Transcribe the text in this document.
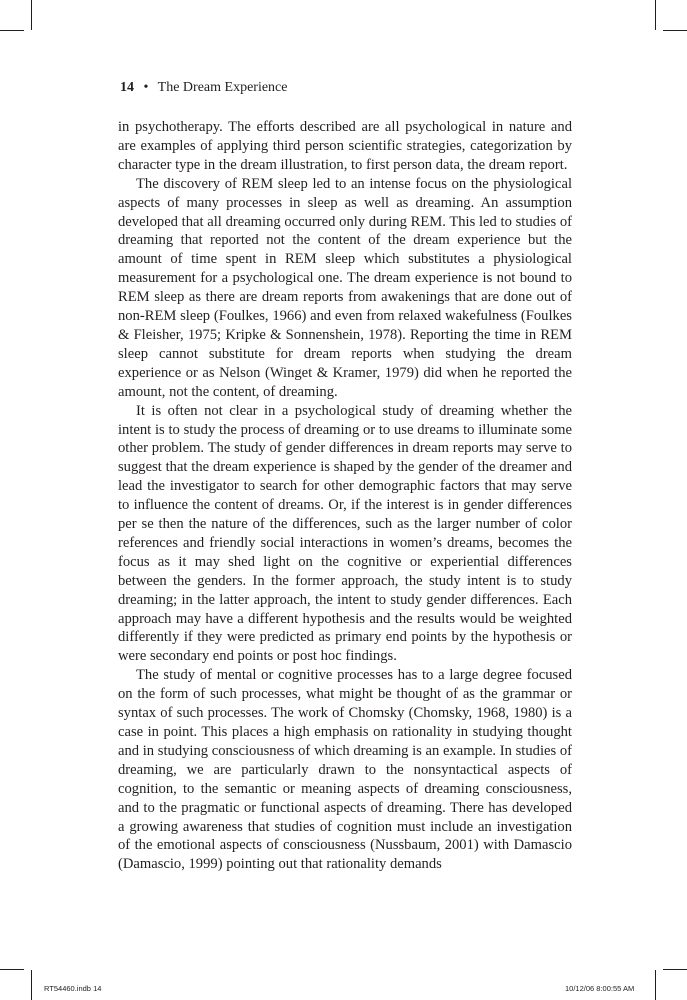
14 • The Dream Experience

in psychotherapy. The efforts described are all psychological in nature and are examples of applying third person scientific strategies, categorization by character type in the dream illustration, to first person data, the dream report.

The discovery of REM sleep led to an intense focus on the physiological aspects of many processes in sleep as well as dreaming. An assumption developed that all dreaming occurred only during REM. This led to studies of dreaming that reported not the content of the dream experience but the amount of time spent in REM sleep which substitutes a physiological measurement for a psychological one. The dream experience is not bound to REM sleep as there are dream reports from awakenings that are done out of non-REM sleep (Foulkes, 1966) and even from relaxed wakefulness (Foulkes & Fleisher, 1975; Kripke & Sonnenshein, 1978). Reporting the time in REM sleep cannot substitute for dream reports when studying the dream experience or as Nelson (Winget & Kramer, 1979) did when he reported the amount, not the content, of dreaming.

It is often not clear in a psychological study of dreaming whether the intent is to study the process of dreaming or to use dreams to illuminate some other problem. The study of gender differences in dream reports may serve to suggest that the dream experience is shaped by the gender of the dreamer and lead the investigator to search for other demographic factors that may serve to influence the content of dreams. Or, if the interest is in gender differences per se then the nature of the differences, such as the larger number of color references and friendly social interactions in women’s dreams, becomes the focus as it may shed light on the cognitive or experiential differences between the genders. In the former approach, the study intent is to study dreaming; in the latter approach, the intent to study gender differences. Each approach may have a different hypothesis and the results would be weighted differently if they were predicted as primary end points by the hypothesis or were secondary end points or post hoc findings.

The study of mental or cognitive processes has to a large degree focused on the form of such processes, what might be thought of as the grammar or syntax of such processes. The work of Chomsky (Chomsky, 1968, 1980) is a case in point. This places a high emphasis on rationality in studying thought and in studying consciousness of which dreaming is an example. In studies of dreaming, we are particularly drawn to the nonsyntactical aspects of cognition, to the semantic or meaning aspects of dreaming consciousness, and to the pragmatic or functional aspects of dreaming. There has developed a growing awareness that studies of cognition must include an investigation of the emotional aspects of consciousness (Nussbaum, 2001) with Damascio (Damascio, 1999) pointing out that rationality demands

RT54460.indb 14	10/12/06 8:00:55 AM
